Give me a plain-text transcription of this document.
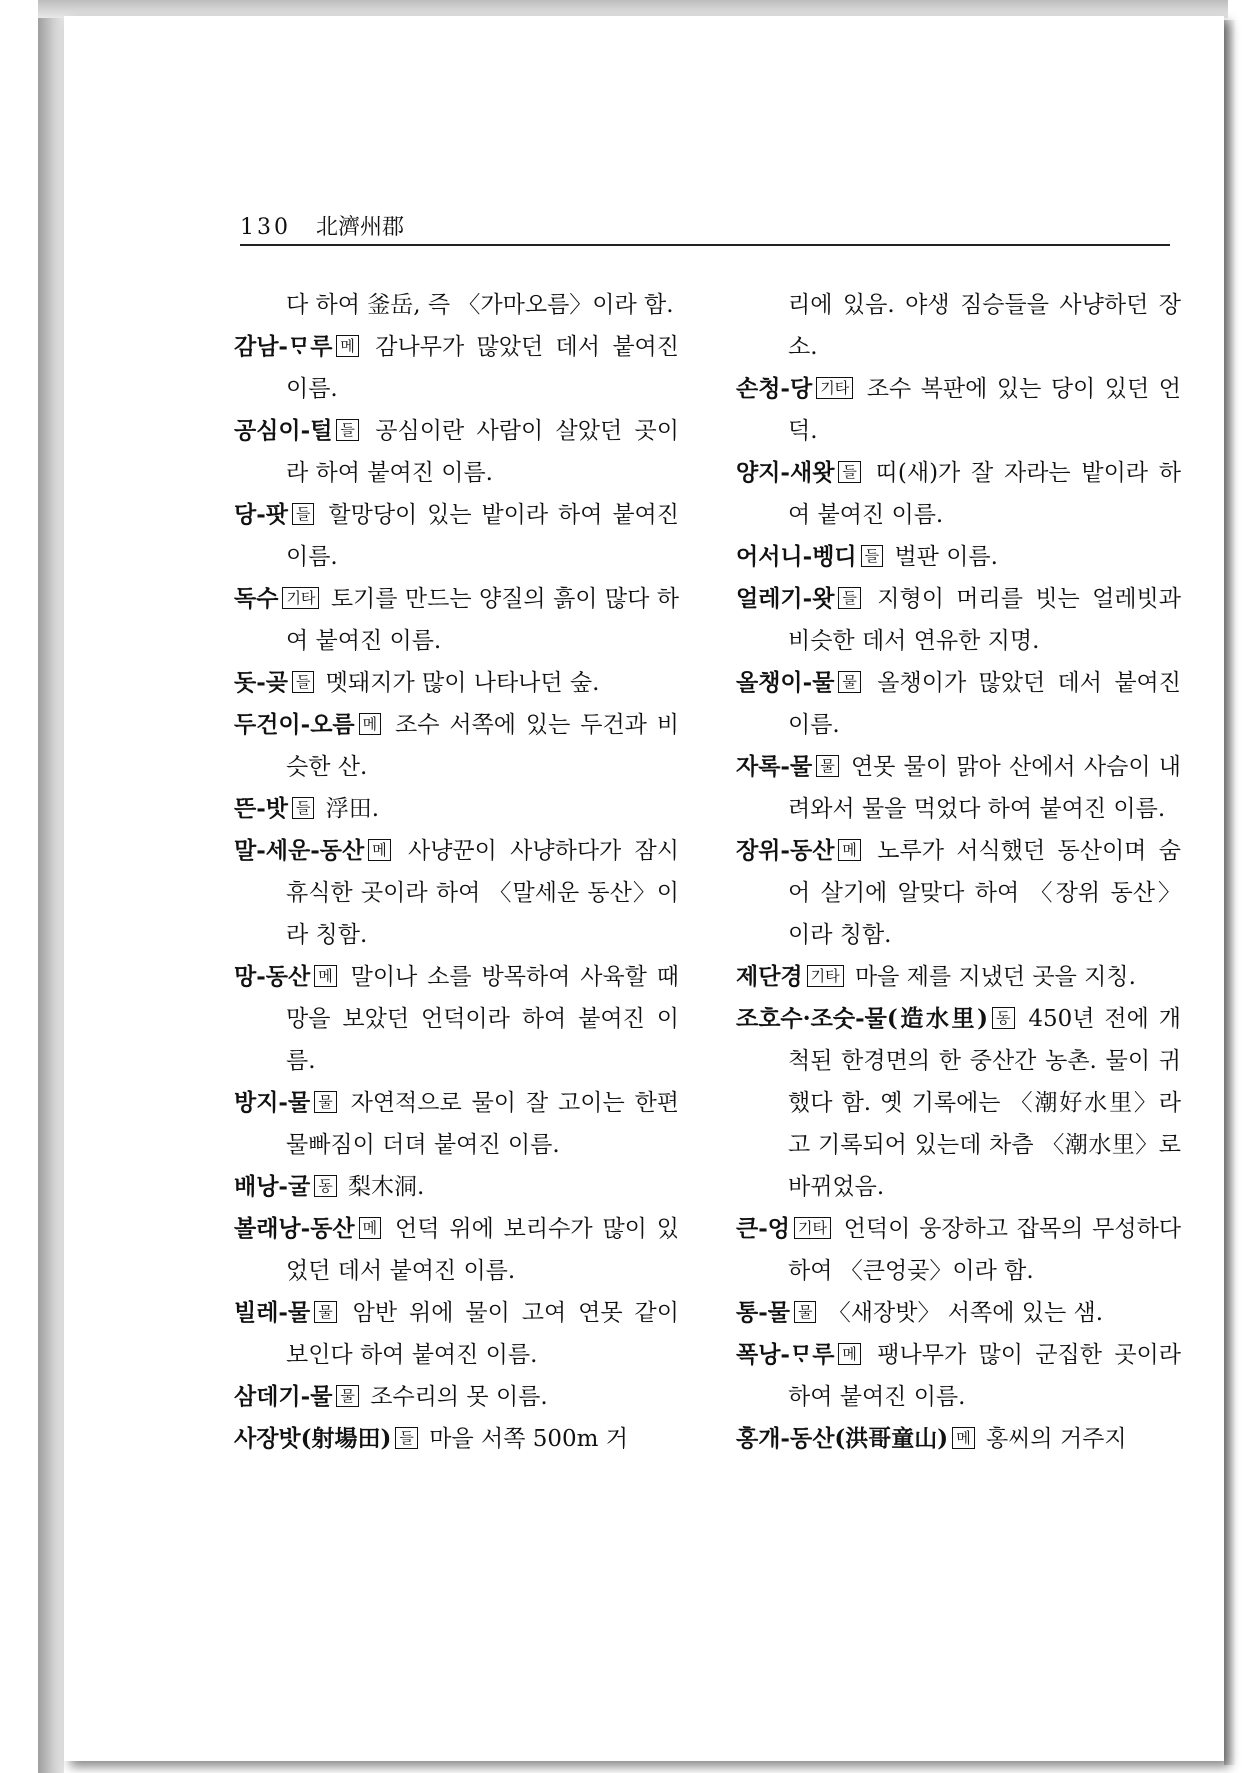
130 北濟州郡

다 하여 釜岳, 즉 〈가마오름〉이라 함.

감남-ᄆᆞ루 메 감나무가 많았던 데서 붙여진 이름.

공심이-털 들 공심이란 사람이 살았던 곳이라 하여 붙여진 이름.

당-팟 들 할망당이 있는 밭이라 하여 붙여진 이름.

독수 기타 토기를 만드는 양질의 흙이 많다 하여 붙여진 이름.

돗-곶 들 멧돼지가 많이 나타나던 숲.

두건이-오름 메 조수 서쪽에 있는 두건과 비슷한 산.

뜬-밧 들 浮田.

말-세운-동산 메 사냥꾼이 사냥하다가 잠시 휴식한 곳이라 하여 〈말세운 동산〉이라 칭함.

망-동산 메 말이나 소를 방목하여 사육할 때 망을 보았던 언덕이라 하여 붙여진 이름.

방지-물 물 자연적으로 물이 잘 고이는 한편 물빠짐이 더뎌 붙여진 이름.

배낭-굴 동 梨木洞.

볼래낭-동산 메 언덕 위에 보리수가 많이 있었던 데서 붙여진 이름.

빌레-물 물 암반 위에 물이 고여 연못 같이 보인다 하여 붙여진 이름.

삼데기-물 물 조수리의 못 이름.

사장밧(射場田) 들 마을 서쪽 500m 거

리에 있음. 야생 짐승들을 사냥하던 장소.

손청-당 기타 조수 복판에 있는 당이 있던 언덕.

양지-새왓 들 띠(새)가 잘 자라는 밭이라 하여 붙여진 이름.

어서니-벵디 들 벌판 이름.

얼레기-왓 들 지형이 머리를 빗는 얼레빗과 비슷한 데서 연유한 지명.

올챙이-물 물 올챙이가 많았던 데서 붙여진 이름.

자록-물 물 연못 물이 맑아 산에서 사슴이 내려와서 물을 먹었다 하여 붙여진 이름.

장위-동산 메 노루가 서식했던 동산이며 숨어 살기에 알맞다 하여 〈장위 동산〉이라 칭함.

제단경 기타 마을 제를 지냈던 곳을 지칭.

조호수·조숫-물(造水里) 동 450년 전에 개척된 한경면의 한 중산간 농촌. 물이 귀했다 함. 옛 기록에는 〈潮好水里〉라고 기록되어 있는데 차츰 〈潮水里〉로 바뀌었음.

큰-엉 기타 언덕이 웅장하고 잡목의 무성하다 하여 〈큰엉곶〉이라 함.

통-물 물 〈새장밧〉 서쪽에 있는 샘.

폭낭-ᄆᆞ루 메 팽나무가 많이 군집한 곳이라 하여 붙여진 이름.

홍개-동산(洪哥童山) 메 홍씨의 거주지
